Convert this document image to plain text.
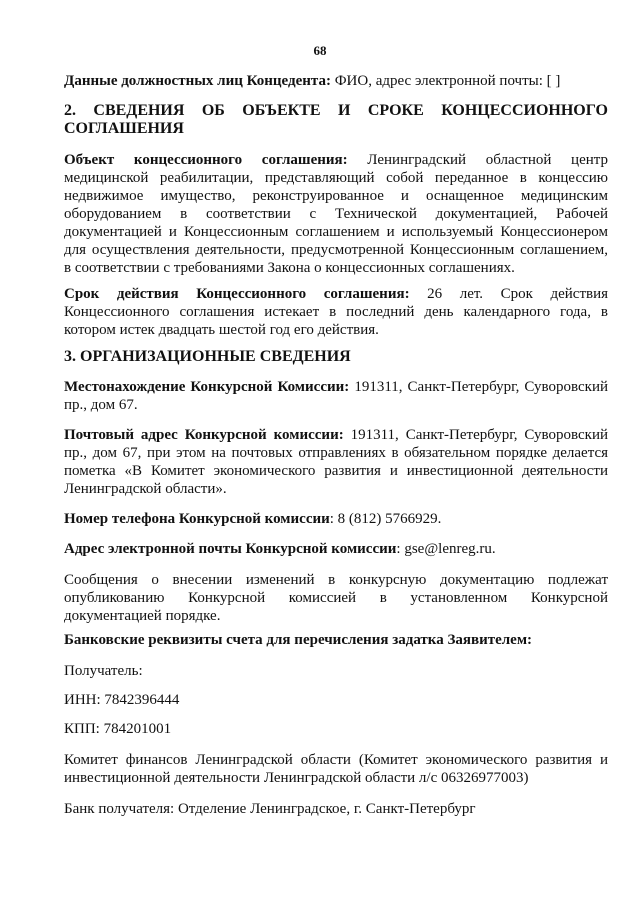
68
Данные должностных лиц Концедента: ФИО, адрес электронной почты: [ ]
2. СВЕДЕНИЯ ОБ ОБЪЕКТЕ И СРОКЕ КОНЦЕССИОННОГО
СОГЛАШЕНИЯ
Объект концессионного соглашения: Ленинградский областной центр медицинской реабилитации, представляющий собой переданное в концессию недвижимое имущество, реконструированное и оснащенное медицинским оборудованием в соответствии с Технической документацией, Рабочей документацией и Концессионным соглашением и используемый Концессионером для осуществления деятельности, предусмотренной Концессионным соглашением, в соответствии с требованиями Закона о концессионных соглашениях.
Срок действия Концессионного соглашения: 26 лет. Срок действия Концессионного соглашения истекает в последний день календарного года, в котором истек двадцать шестой год его действия.
3. ОРГАНИЗАЦИОННЫЕ СВЕДЕНИЯ
Местонахождение Конкурсной Комиссии: 191311, Санкт-Петербург, Суворовский пр., дом 67.
Почтовый адрес Конкурсной комиссии: 191311, Санкт-Петербург, Суворовский пр., дом 67, при этом на почтовых отправлениях в обязательном порядке делается пометка «В Комитет экономического развития и инвестиционной деятельности Ленинградской области».
Номер телефона Конкурсной комиссии: 8 (812) 5766929.
Адрес электронной почты Конкурсной комиссии: gse@lenreg.ru.
Сообщения о внесении изменений в конкурсную документацию подлежат опубликованию Конкурсной комиссией в установленном Конкурсной документацией порядке.
Банковские реквизиты счета для перечисления задатка Заявителем:
Получатель:
ИНН: 7842396444
КПП: 784201001
Комитет финансов Ленинградской области (Комитет экономического развития и инвестиционной деятельности Ленинградской области л/с 06326977003)
Банк получателя: Отделение Ленинградское, г. Санкт-Петербург
